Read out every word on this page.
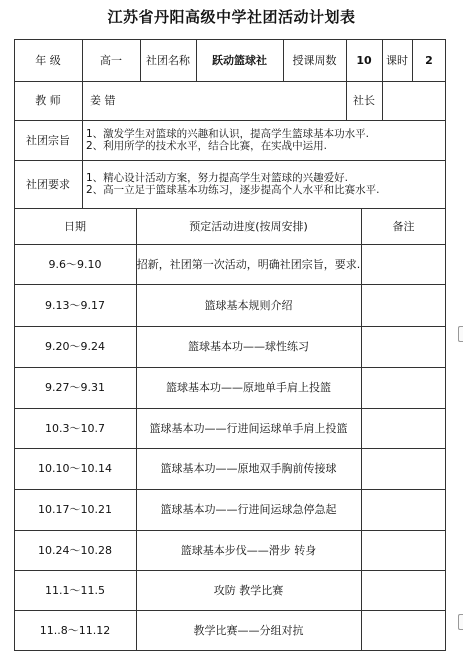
江苏省丹阳高级中学社团活动计划表
年 级	高一	社团名称	跃动篮球社	授课周数	10	课时	2
教 师	姜 错	社长
社团宗旨	1、激发学生对篮球的兴趣和认识，提高学生篮球基本功水平.
2、利用所学的技术水平，结合比赛，在实战中运用.
社团要求	1、精心设计活动方案，努力提高学生对篮球的兴趣爱好.
2、高一立足于篮球基本功练习，逐步提高个人水平和比赛水平.
日期	预定活动进度(按周安排)	备注
9.6～9.10	招新，社团第一次活动，明确社团宗旨，要求.
9.13～9.17	篮球基本规则介绍
9.20～9.24	篮球基本功——球性练习
9.27～9.31	篮球基本功——原地单手肩上投篮
10.3～10.7	篮球基本功——行进间运球单手肩上投篮
10.10～10.14	篮球基本功——原地双手胸前传接球
10.17～10.21	篮球基本功——行进间运球急停急起
10.24～10.28	篮球基本步伐——滑步 转身
11.1～11.5	攻防 教学比赛
11..8～11.12	教学比赛——分组对抗
